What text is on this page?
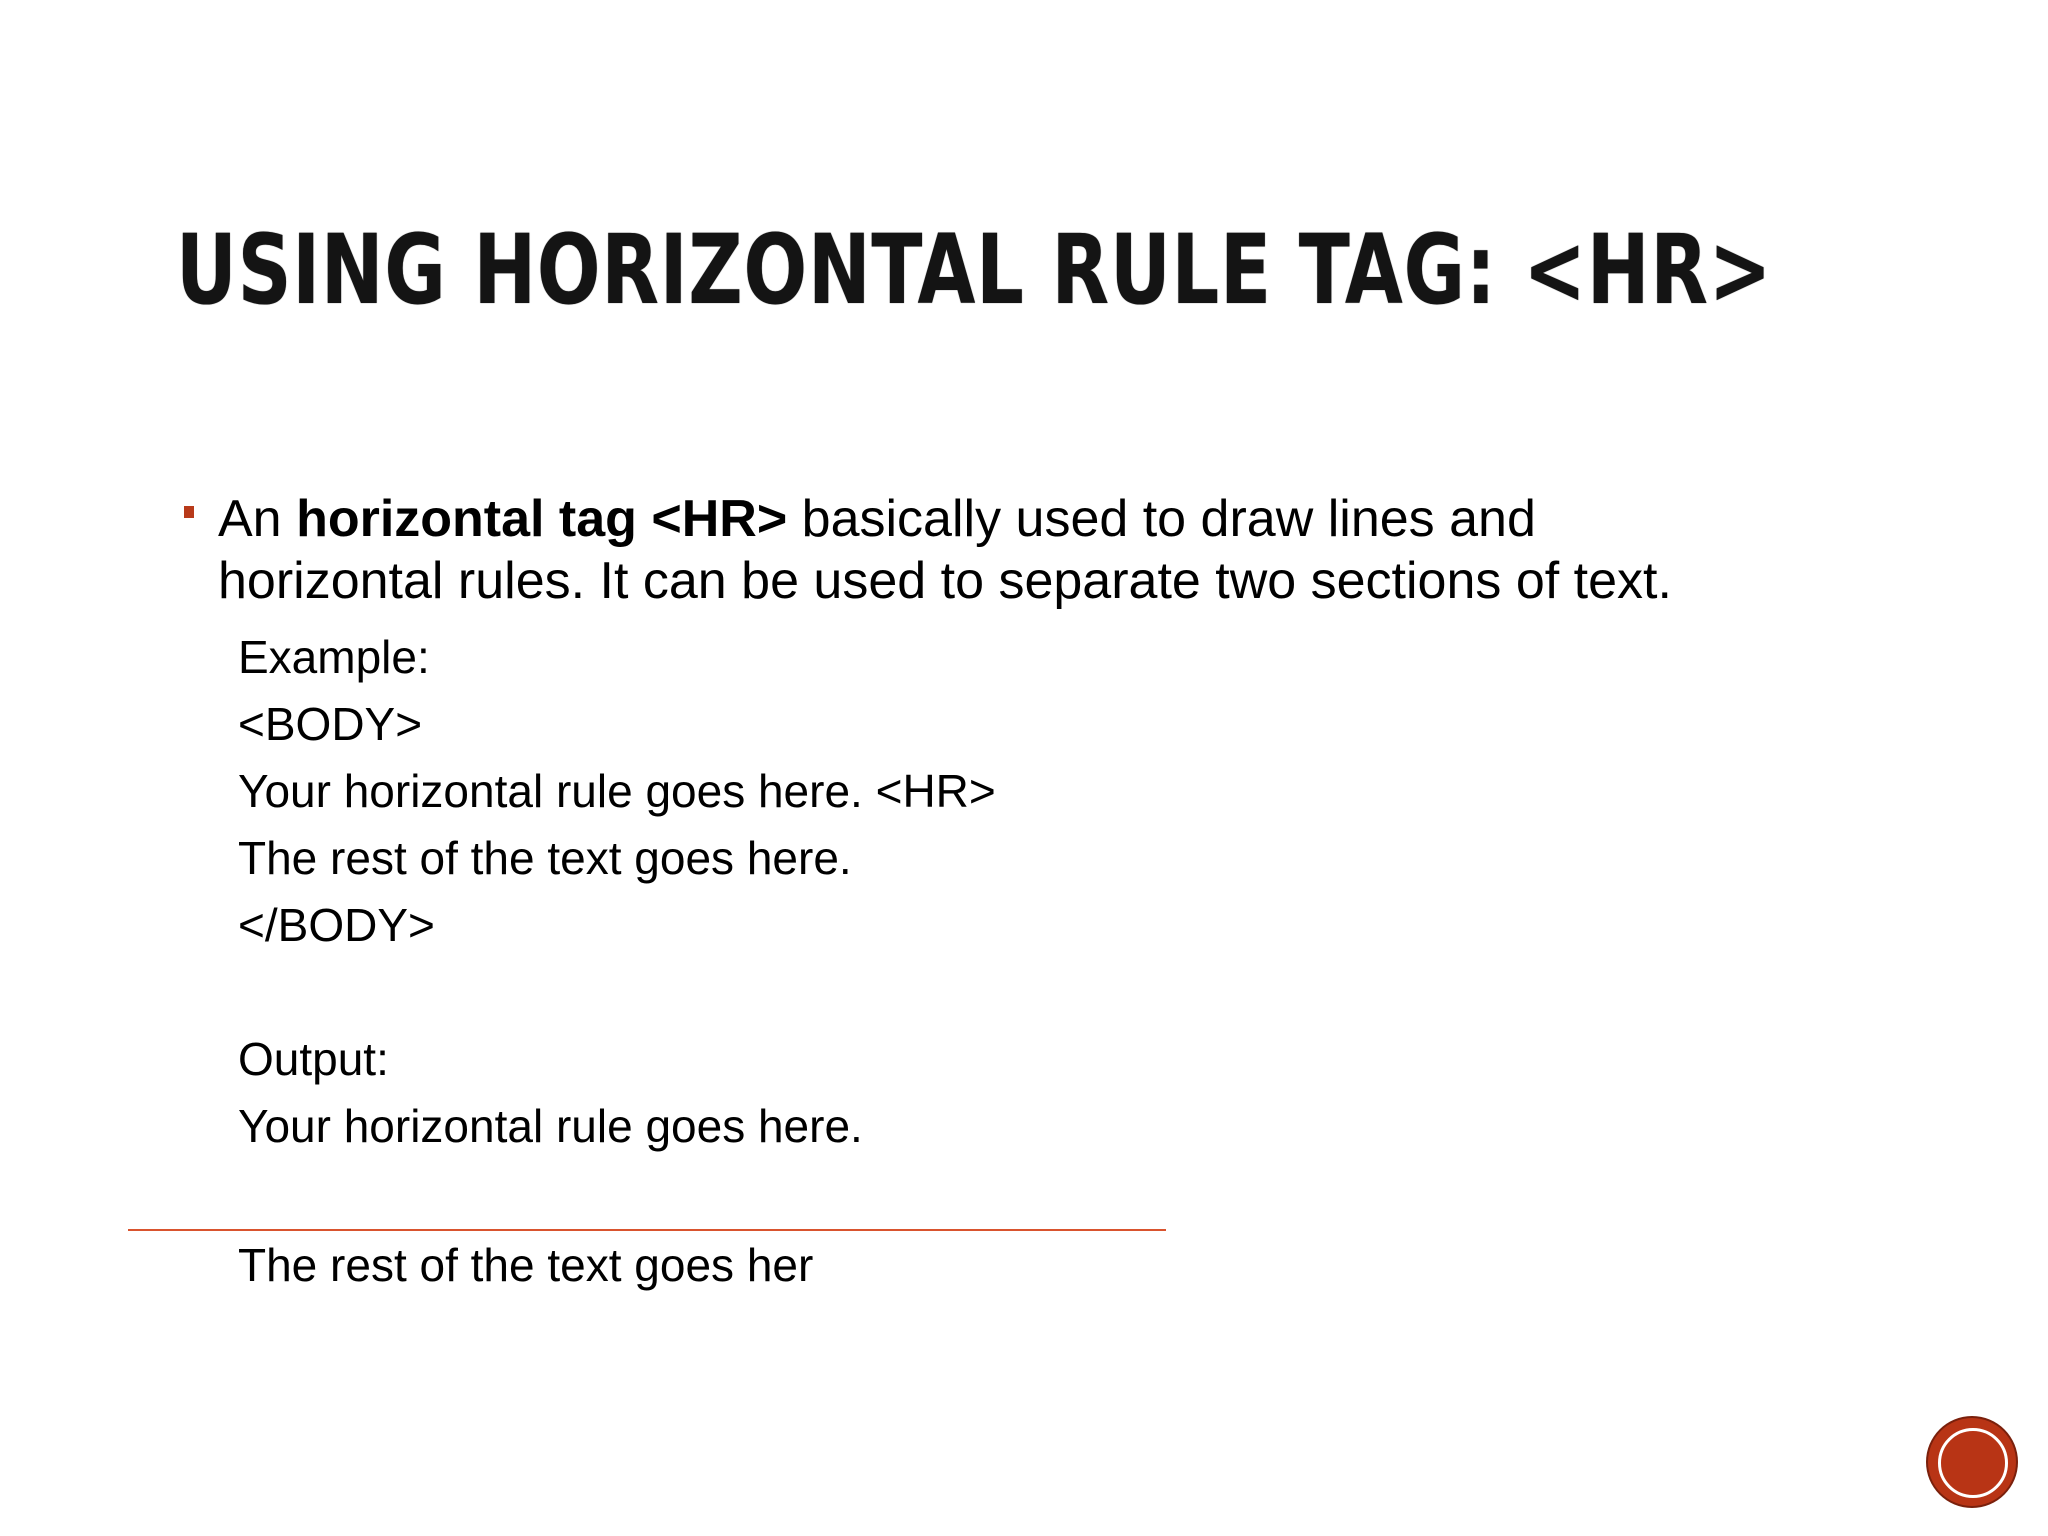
USING HORIZONTAL RULE TAG: <HR>

An horizontal tag <HR> basically used to draw lines and
horizontal rules. It can be used to separate two sections of text.

Example:
<BODY>
Your horizontal rule goes here. <HR>
The rest of the text goes here.
</BODY>
Output:
Your horizontal rule goes here.
The rest of the text goes her
